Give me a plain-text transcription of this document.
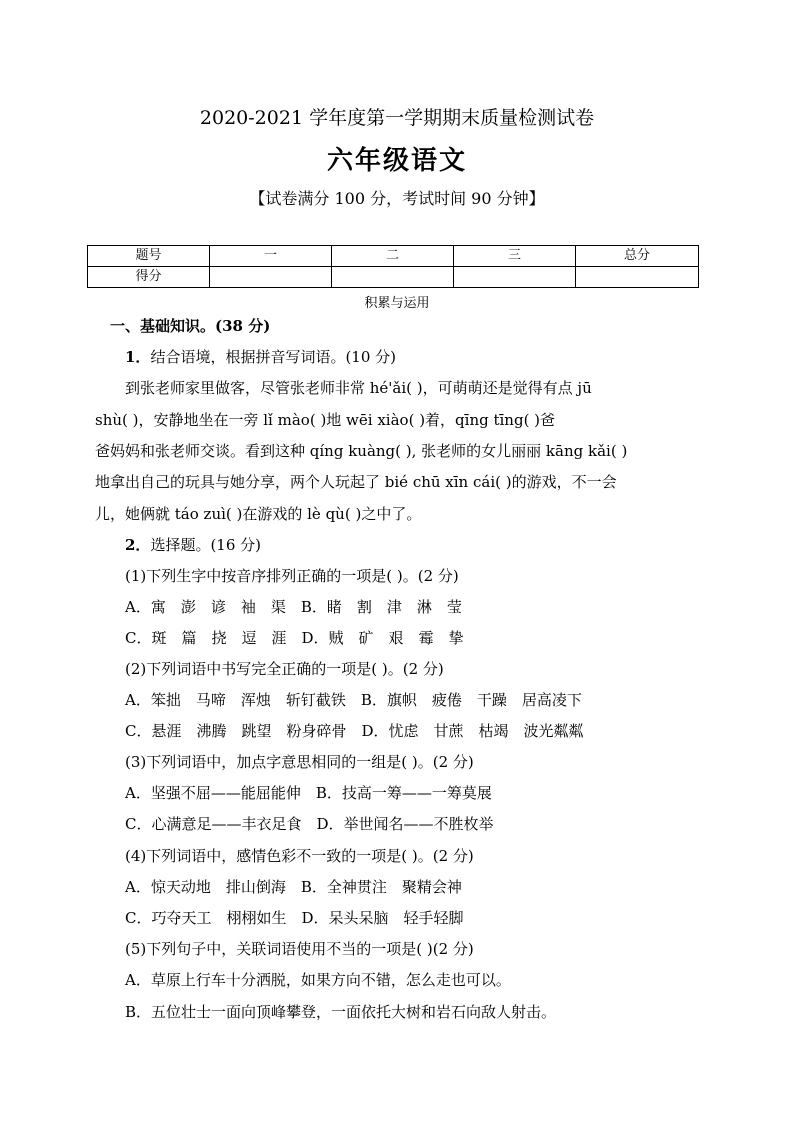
2020-2021 学年度第一学期期末质量检测试卷
六年级语文
【试卷满分 100 分，考试时间 90 分钟】
题号	一	二	三	总分
得分				
积累与运用
一、基础知识。(38 分)
1．结合语境，根据拼音写词语。(10 分)
到张老师家里做客，尽管张老师非常 hé'ǎi( )，可萌萌还是觉得有点 jū
shù( )，安静地坐在一旁 lǐ mào( )地 wēi xiào( )着，qīng tīng( )爸
爸妈妈和张老师交谈。看到这种 qíng kuàng( ), 张老师的女儿丽丽 kāng kǎi( )
地拿出自己的玩具与她分享，两个人玩起了 bié chū xīn cái( )的游戏，不一会
儿，她俩就 táo zuì( )在游戏的 lè qù( )之中了。
2．选择题。(16 分)
(1)下列生字中按音序排列正确的一项是( )。(2 分)
A．寓　澎　谚　袖　渠　B．睹　割　津　淋　莹
C．斑　篇　挠　逗　涯　D．贼　矿　艰　霉　挚
(2)下列词语中书写完全正确的一项是( )。(2 分)
A．笨拙　马啼　浑烛　斩钉截铁　B．旗帜　疲倦　干躁　居高凌下
C．悬涯　沸腾　跳望　粉身碎骨　D．忧虑　甘蔗　枯竭　波光粼粼
(3)下列词语中，加点字意思相同的一组是( )。(2 分)
A．坚强不屈——能屈能伸　B．技高一筹——一筹莫展
C．心满意足——丰衣足食　D．举世闻名——不胜枚举
(4)下列词语中，感情色彩不一致的一项是( )。(2 分)
A．惊天动地　排山倒海　B．全神贯注　聚精会神
C．巧夺天工　栩栩如生　D．呆头呆脑　轻手轻脚
(5)下列句子中，关联词语使用不当的一项是( )(2 分)
A．草原上行车十分洒脱，如果方向不错，怎么走也可以。
B．五位壮士一面向顶峰攀登，一面依托大树和岩石向敌人射击。
